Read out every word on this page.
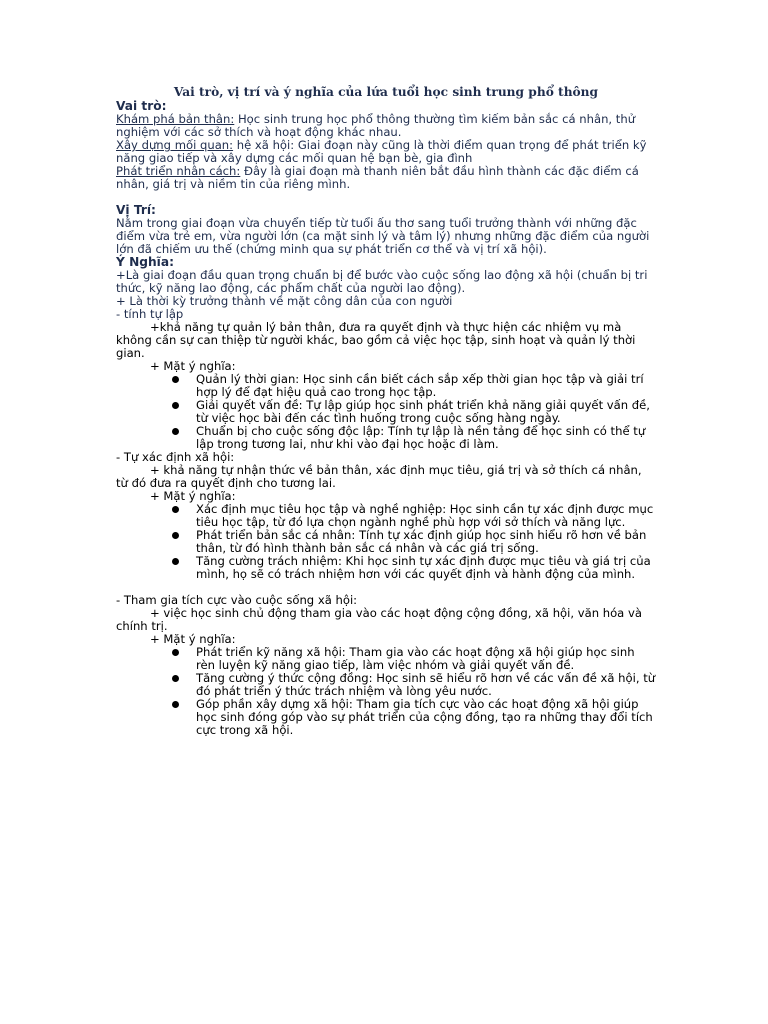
Vai trò, vị trí và ý nghĩa của lứa tuổi học sinh trung phổ thông

Vai trò:

Khám phá bản thân: Học sinh trung học phổ thông thường tìm kiếm bản sắc cá nhân, thử nghiệm với các sở thích và hoạt động khác nhau.

Xây dựng mối quan: hệ xã hội: Giai đoạn này cũng là thời điểm quan trọng để phát triển kỹ năng giao tiếp và xây dựng các mối quan hệ bạn bè, gia đình

Phát triển nhân cách: Đây là giai đoạn mà thanh niên bắt đầu hình thành các đặc điểm cá nhân, giá trị và niềm tin của riêng mình.

Vị Trí:

Nằm trong giai đoạn vừa chuyển tiếp từ tuổi ấu thơ sang tuổi trưởng thành với những đặc điểm vừa trẻ em, vừa người lớn (ca mặt sinh lý và tâm lý) nhưng những đặc điểm của người lớn đã chiếm ưu thế (chứng minh qua sự phát triển cơ thể và vị trí xã hội).

Ý Nghĩa:

+Là giai đoạn đầu quan trọng chuẩn bị để bước vào cuộc sống lao động xã hội (chuẩn bị tri thức, kỹ năng lao động, các phẩm chất của người lao động).

+ Là thời kỳ trưởng thành về mặt công dân của con người

- tính tự lập

+khả năng tự quản lý bản thân, đưa ra quyết định và thực hiện các nhiệm vụ mà không cần sự can thiệp từ người khác, bao gồm cả việc học tập, sinh hoạt và quản lý thời gian.

+ Mặt ý nghĩa:

Quản lý thời gian: Học sinh cần biết cách sắp xếp thời gian học tập và giải trí hợp lý để đạt hiệu quả cao trong học tập.
Giải quyết vấn đề: Tự lập giúp học sinh phát triển khả năng giải quyết vấn đề, từ việc học bài đến các tình huống trong cuộc sống hàng ngày.
Chuẩn bị cho cuộc sống độc lập: Tính tự lập là nền tảng để học sinh có thể tự lập trong tương lai, như khi vào đại học hoặc đi làm.

- Tự xác định xã hội:

+ khả năng tự nhận thức về bản thân, xác định mục tiêu, giá trị và sở thích cá nhân, từ đó đưa ra quyết định cho tương lai.

+ Mặt ý nghĩa:

Xác định mục tiêu học tập và nghề nghiệp: Học sinh cần tự xác định được mục tiêu học tập, từ đó lựa chọn ngành nghề phù hợp với sở thích và năng lực.
Phát triển bản sắc cá nhân: Tính tự xác định giúp học sinh hiểu rõ hơn về bản thân, từ đó hình thành bản sắc cá nhân và các giá trị sống.
Tăng cường trách nhiệm: Khi học sinh tự xác định được mục tiêu và giá trị của mình, họ sẽ có trách nhiệm hơn với các quyết định và hành động của mình.

- Tham gia tích cực vào cuộc sống xã hội:

+ việc học sinh chủ động tham gia vào các hoạt động cộng đồng, xã hội, văn hóa và chính trị.

+ Mặt ý nghĩa:

Phát triển kỹ năng xã hội: Tham gia vào các hoạt động xã hội giúp học sinh rèn luyện kỹ năng giao tiếp, làm việc nhóm và giải quyết vấn đề.
Tăng cường ý thức cộng đồng: Học sinh sẽ hiểu rõ hơn về các vấn đề xã hội, từ đó phát triển ý thức trách nhiệm và lòng yêu nước.
Góp phần xây dựng xã hội: Tham gia tích cực vào các hoạt động xã hội giúp học sinh đóng góp vào sự phát triển của cộng đồng, tạo ra những thay đổi tích cực trong xã hội.
